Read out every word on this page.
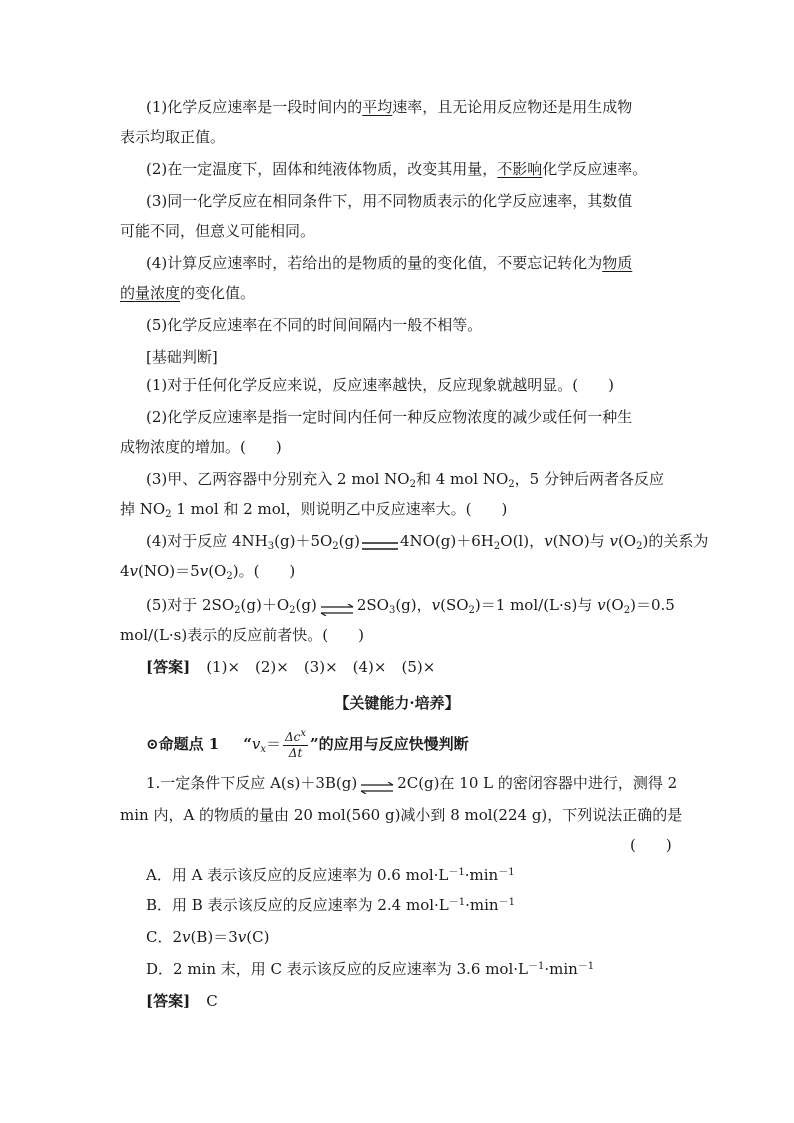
(1)化学反应速率是一段时间内的平均速率，且无论用反应物还是用生成物
表示均取正值。
(2)在一定温度下，固体和纯液体物质，改变其用量，不影响化学反应速率。
(3)同一化学反应在相同条件下，用不同物质表示的化学反应速率，其数值
可能不同，但意义可能相同。
(4)计算反应速率时，若给出的是物质的量的变化值，不要忘记转化为物质
的量浓度的变化值。
(5)化学反应速率在不同的时间间隔内一般不相等。
[基础判断]
(1)对于任何化学反应来说，反应速率越快，反应现象就越明显。(　　)
(2)化学反应速率是指一定时间内任何一种反应物浓度的减少或任何一种生
成物浓度的增加。(　　)
(3)甲、乙两容器中分别充入 2 mol $NO_2$和 4 mol $NO_2$，5 分钟后两者各反应
掉 $NO_2$ 1 mol 和 2 mol，则说明乙中反应速率大。(　　)
(4)对于反应 $4NH_3(g)+5O_2(g)$	$4NO(g)+6H_2O(l)$，v(NO)与 $v(O_2)$的关系为
$4v(NO)=5v(O_2)$。(　　)
(5)对于 $2SO_2(g)+O_2(g)\rightleftharpoons 2SO_3(g)$，$v(SO_2)=1$ mol/(L·s)与 $v(O_2)=0.5$
mol/(L·s)表示的反应前者快。(　　)
[答案] (1)×　(2)×　(3)×　(4)×　(5)×
【关键能力·培养】
⊙命题点 1 “$v_x= \frac{\Delta c^x}{\Delta t}$ ”的应用与反应快慢判断
1.一定条件下反应 A(s)＋3B(g)⇌2C(g)在 10 L 的密闭容器中进行，测得 2
min 内，A 的物质的量由 20 mol(560 g)减小到 8 mol(224 g)，下列说法正确的是
(　　)
A．用 A 表示该反应的反应速率为 0.6 $mol\cdot L^{-1}\cdot\min^{-1}$
B．用 B 表示该反应的反应速率为 2.4 $mol\cdot L^{-1}\cdot\min^{-1}$
C．2v(B)＝3v(C)
D．2 min 末，用 C 表示该反应的反应速率为 3.6 $mol\cdot L^{-1}\cdot\min^{-1}$
[答案] C
